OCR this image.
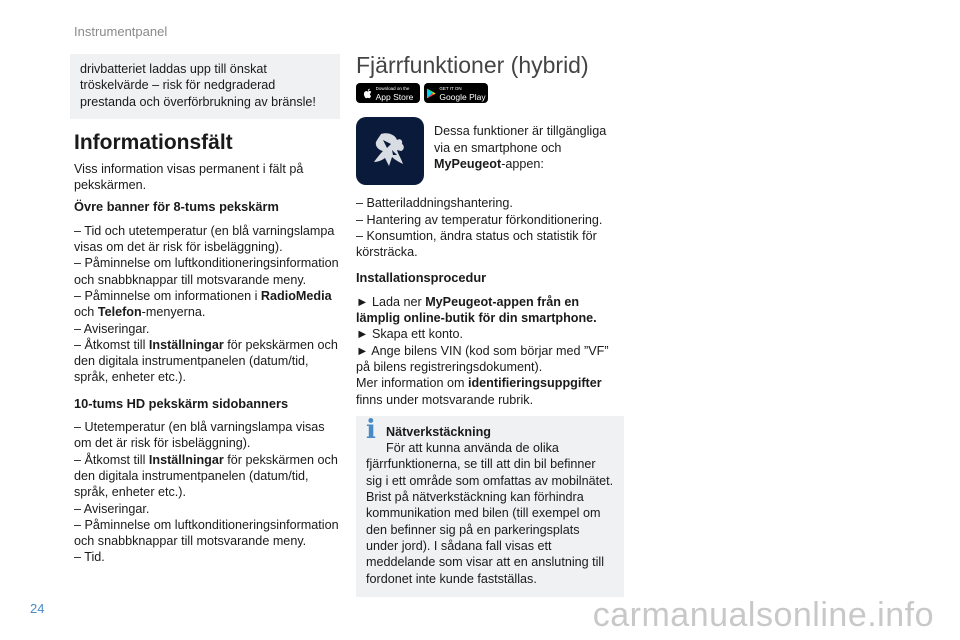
Instrumentpanel

drivbatteriet laddas upp till önskat tröskelvärde – risk för nedgraderad prestanda och överförbrukning av bränsle!

Informationsfält

Viss information visas permanent i fält på pekskärmen.

Övre banner för 8-tums pekskärm

– Tid och utetemperatur (en blå varningslampa visas om det är risk för isbeläggning).

– Påminnelse om luftkonditioneringsinformation och snabbknappar till motsvarande meny.

– Påminnelse om informationen i RadioMedia och Telefon-menyerna.

– Aviseringar.

– Åtkomst till Inställningar för pekskärmen och den digitala instrumentpanelen (datum/tid, språk, enheter etc.).

10-tums HD pekskärm sidobanners

– Utetemperatur (en blå varningslampa visas om det är risk för isbeläggning).

– Åtkomst till Inställningar för pekskärmen och den digitala instrumentpanelen (datum/tid, språk, enheter etc.).

– Aviseringar.

– Påminnelse om luftkonditioneringsinformation och snabbknappar till motsvarande meny.

– Tid.

Fjärrfunktioner (hybrid)
Download on the
App Store
GET IT ON
Google Play

Dessa funktioner är tillgängliga via en smartphone och MyPeugeot-appen:

– Batteriladdningshantering.

– Hantering av temperatur förkonditionering.

– Konsumtion, ändra status och statistik för körsträcka.

Installationsprocedur

► Lada ner MyPeugeot-appen från en lämplig online-butik för din smartphone.

► Skapa ett konto.

► Ange bilens VIN (kod som börjar med ”VF” på bilens registreringsdokument).

Mer information om identifieringsuppgifter finns under motsvarande rubrik.

i Nätverkstäckning

För att kunna använda de olika

fjärrfunktionerna, se till att din bil befinner sig i ett område som omfattas av mobilnätet. Brist på nätverkstäckning kan förhindra kommunikation med bilen (till exempel om den befinner sig på en parkeringsplats under jord). I sådana fall visas ett meddelande som visar att en anslutning till fordonet inte kunde fastställas.

24	carmanualsonline.info
